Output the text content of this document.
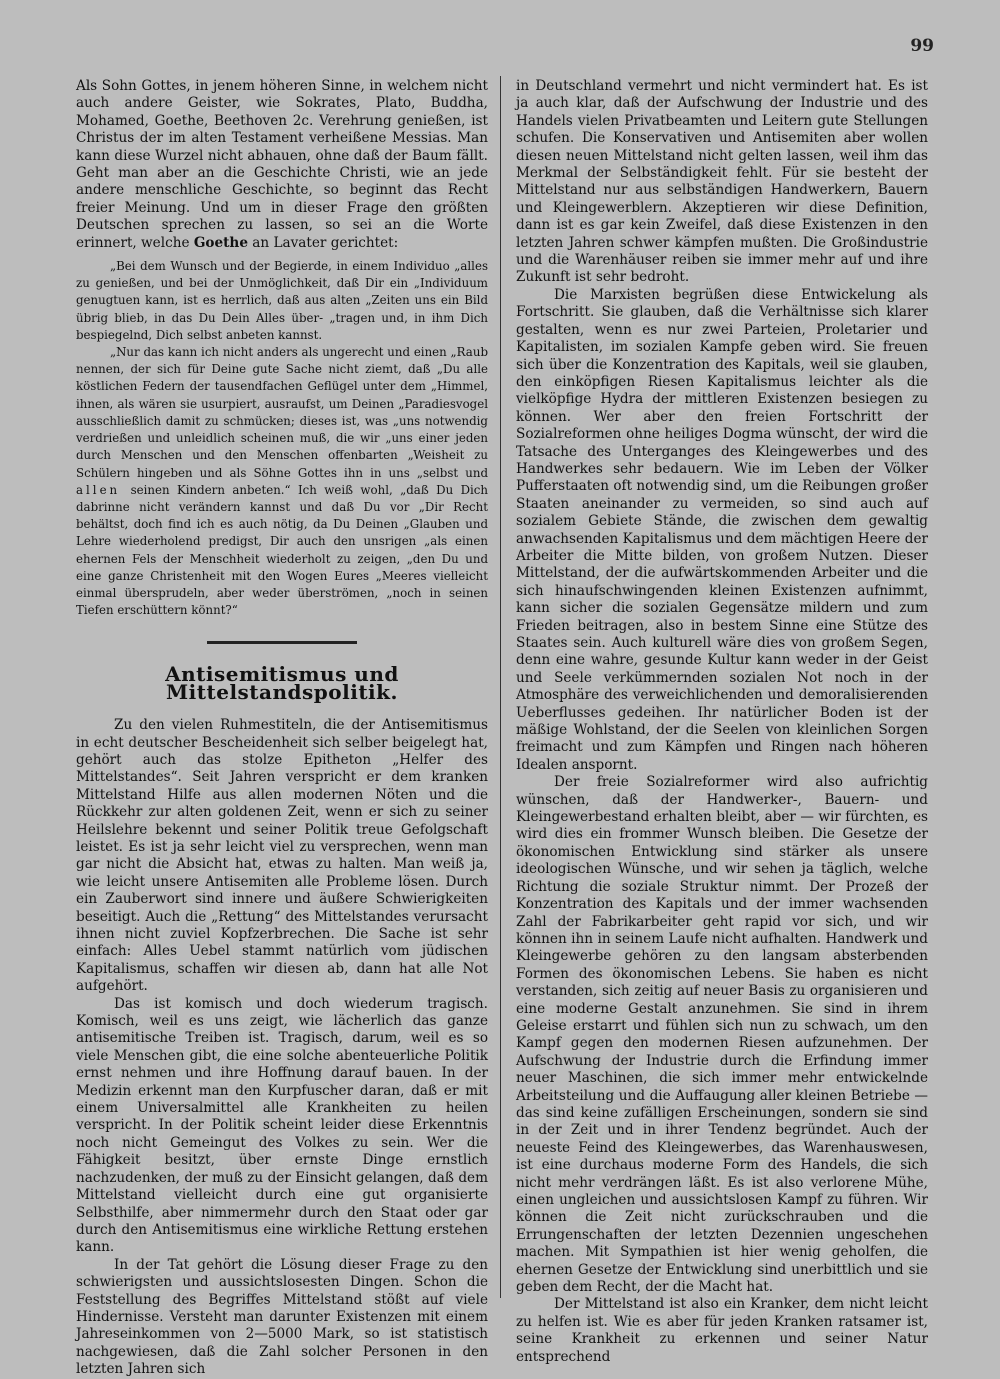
99

Als Sohn Gottes, in jenem höheren Sinne, in welchem nicht auch andere Geister, wie Sokrates, Plato, Buddha, Mohamed, Goethe, Beethoven 2c. Verehrung genießen, ist Christus der im alten Testament verheißene Messias. Man kann diese Wurzel nicht abhauen, ohne daß der Baum fällt. Geht man aber an die Geschichte Christi, wie an jede andere menschliche Geschichte, so beginnt das Recht freier Meinung. Und um in dieser Frage den größten Deutschen sprechen zu lassen, so sei an die Worte erinnert, welche Goethe an Lavater gerichtet:

„Bei dem Wunsch und der Begierde, in einem Individuo „alles zu genießen, und bei der Unmöglichkeit, daß Dir ein „Individuum genugtuen kann, ist es herrlich, daß aus alten „Zeiten uns ein Bild übrig blieb, in das Du Dein Alles über- „tragen und, in ihm Dich bespiegelnd, Dich selbst anbeten kannst.

„Nur das kann ich nicht anders als ungerecht und einen „Raub nennen, der sich für Deine gute Sache nicht ziemt, daß „Du alle köstlichen Federn der tausendfachen Geflügel unter dem „Himmel, ihnen, als wären sie usurpiert, ausraufst, um Deinen „Paradiesvogel ausschließlich damit zu schmücken; dieses ist, was „uns notwendig verdrießen und unleidlich scheinen muß, die wir „uns einer jeden durch Menschen und den Menschen offenbarten „Weisheit zu Schülern hingeben und als Söhne Gottes ihn in uns „selbst und allen seinen Kindern anbeten.“ Ich weiß wohl, „daß Du Dich dabrinne nicht verändern kannst und daß Du vor „Dir Recht behältst, doch find ich es auch nötig, da Du Deinen „Glauben und Lehre wiederholend predigst, Dir auch den unsrigen „als einen ehernen Fels der Menschheit wiederholt zu zeigen, „den Du und eine ganze Christenheit mit den Wogen Eures „Meeres vielleicht einmal übersprudeln, aber weder überströmen, „noch in seinen Tiefen erschüttern könnt?“

Antisemitismus und Mittelstandspolitik.

Zu den vielen Ruhmestiteln, die der Antisemitismus in echt deutscher Bescheidenheit sich selber beigelegt hat, gehört auch das stolze Epitheton „Helfer des Mittelstandes“. Seit Jahren verspricht er dem kranken Mittelstand Hilfe aus allen modernen Nöten und die Rückkehr zur alten goldenen Zeit, wenn er sich zu seiner Heilslehre bekennt und seiner Politik treue Gefolgschaft leistet. Es ist ja sehr leicht viel zu versprechen, wenn man gar nicht die Absicht hat, etwas zu halten. Man weiß ja, wie leicht unsere Antisemiten alle Probleme lösen. Durch ein Zauberwort sind innere und äußere Schwierigkeiten beseitigt. Auch die „Rettung“ des Mittelstandes verursacht ihnen nicht zuviel Kopfzerbrechen. Die Sache ist sehr einfach: Alles Uebel stammt natürlich vom jüdischen Kapitalismus, schaffen wir diesen ab, dann hat alle Not aufgehört.

Das ist komisch und doch wiederum tragisch. Komisch, weil es uns zeigt, wie lächerlich das ganze antisemitische Treiben ist. Tragisch, darum, weil es so viele Menschen gibt, die eine solche abenteuerliche Politik ernst nehmen und ihre Hoffnung darauf bauen. In der Medizin erkennt man den Kurpfuscher daran, daß er mit einem Universalmittel alle Krankheiten zu heilen verspricht. In der Politik scheint leider diese Erkenntnis noch nicht Gemeingut des Volkes zu sein. Wer die Fähigkeit besitzt, über ernste Dinge ernstlich nachzudenken, der muß zu der Einsicht gelangen, daß dem Mittelstand vielleicht durch eine gut organisierte Selbsthilfe, aber nimmermehr durch den Staat oder gar durch den Antisemitismus eine wirkliche Rettung erstehen kann.

In der Tat gehört die Lösung dieser Frage zu den schwierigsten und aussichtslosesten Dingen. Schon die Feststellung des Begriffes Mittelstand stößt auf viele Hindernisse. Versteht man darunter Existenzen mit einem Jahreseinkommen von 2—5000 Mark, so ist statistisch nachgewiesen, daß die Zahl solcher Personen in den letzten Jahren sich

in Deutschland vermehrt und nicht vermindert hat. Es ist ja auch klar, daß der Aufschwung der Industrie und des Handels vielen Privatbeamten und Leitern gute Stellungen schufen. Die Konservativen und Antisemiten aber wollen diesen neuen Mittelstand nicht gelten lassen, weil ihm das Merkmal der Selbständigkeit fehlt. Für sie besteht der Mittelstand nur aus selbständigen Handwerkern, Bauern und Kleingewerblern. Akzeptieren wir diese Definition, dann ist es gar kein Zweifel, daß diese Existenzen in den letzten Jahren schwer kämpfen mußten. Die Großindustrie und die Warenhäuser reiben sie immer mehr auf und ihre Zukunft ist sehr bedroht.

Die Marxisten begrüßen diese Entwickelung als Fortschritt. Sie glauben, daß die Verhältnisse sich klarer gestalten, wenn es nur zwei Parteien, Proletarier und Kapitalisten, im sozialen Kampfe geben wird. Sie freuen sich über die Konzentration des Kapitals, weil sie glauben, den einköpfigen Riesen Kapitalismus leichter als die vielköpfige Hydra der mittleren Existenzen besiegen zu können. Wer aber den freien Fortschritt der Sozialreformen ohne heiliges Dogma wünscht, der wird die Tatsache des Unterganges des Kleingewerbes und des Handwerkes sehr bedauern. Wie im Leben der Völker Pufferstaaten oft notwendig sind, um die Reibungen großer Staaten aneinander zu vermeiden, so sind auch auf sozialem Gebiete Stände, die zwischen dem gewaltig anwachsenden Kapitalismus und dem mächtigen Heere der Arbeiter die Mitte bilden, von großem Nutzen. Dieser Mittelstand, der die aufwärtskommenden Arbeiter und die sich hinaufschwingenden kleinen Existenzen aufnimmt, kann sicher die sozialen Gegensätze mildern und zum Frieden beitragen, also in bestem Sinne eine Stütze des Staates sein. Auch kulturell wäre dies von großem Segen, denn eine wahre, gesunde Kultur kann weder in der Geist und Seele verkümmernden sozialen Not noch in der Atmosphäre des verweichlichenden und demoralisierenden Ueberflusses gedeihen. Ihr natürlicher Boden ist der mäßige Wohlstand, der die Seelen von kleinlichen Sorgen freimacht und zum Kämpfen und Ringen nach höheren Idealen anspornt.

Der freie Sozialreformer wird also aufrichtig wünschen, daß der Handwerker-, Bauern- und Kleingewerbestand erhalten bleibt, aber — wir fürchten, es wird dies ein frommer Wunsch bleiben. Die Gesetze der ökonomischen Entwicklung sind stärker als unsere ideologischen Wünsche, und wir sehen ja täglich, welche Richtung die soziale Struktur nimmt. Der Prozeß der Konzentration des Kapitals und der immer wachsenden Zahl der Fabrikarbeiter geht rapid vor sich, und wir können ihn in seinem Laufe nicht aufhalten. Handwerk und Kleingewerbe gehören zu den langsam absterbenden Formen des ökonomischen Lebens. Sie haben es nicht verstanden, sich zeitig auf neuer Basis zu organisieren und eine moderne Gestalt anzunehmen. Sie sind in ihrem Geleise erstarrt und fühlen sich nun zu schwach, um den Kampf gegen den modernen Riesen aufzunehmen. Der Aufschwung der Industrie durch die Erfindung immer neuer Maschinen, die sich immer mehr entwickelnde Arbeitsteilung und die Auffaugung aller kleinen Betriebe — das sind keine zufälligen Erscheinungen, sondern sie sind in der Zeit und in ihrer Tendenz begründet. Auch der neueste Feind des Kleingewerbes, das Warenhauswesen, ist eine durchaus moderne Form des Handels, die sich nicht mehr verdrängen läßt. Es ist also verlorene Mühe, einen ungleichen und aussichtslosen Kampf zu führen. Wir können die Zeit nicht zurückschrauben und die Errungenschaften der letzten Dezennien ungeschehen machen. Mit Sympathien ist hier wenig geholfen, die ehernen Gesetze der Entwicklung sind unerbittlich und sie geben dem Recht, der die Macht hat.

Der Mittelstand ist also ein Kranker, dem nicht leicht zu helfen ist. Wie es aber für jeden Kranken ratsamer ist, seine Krankheit zu erkennen und seiner Natur entsprechend
